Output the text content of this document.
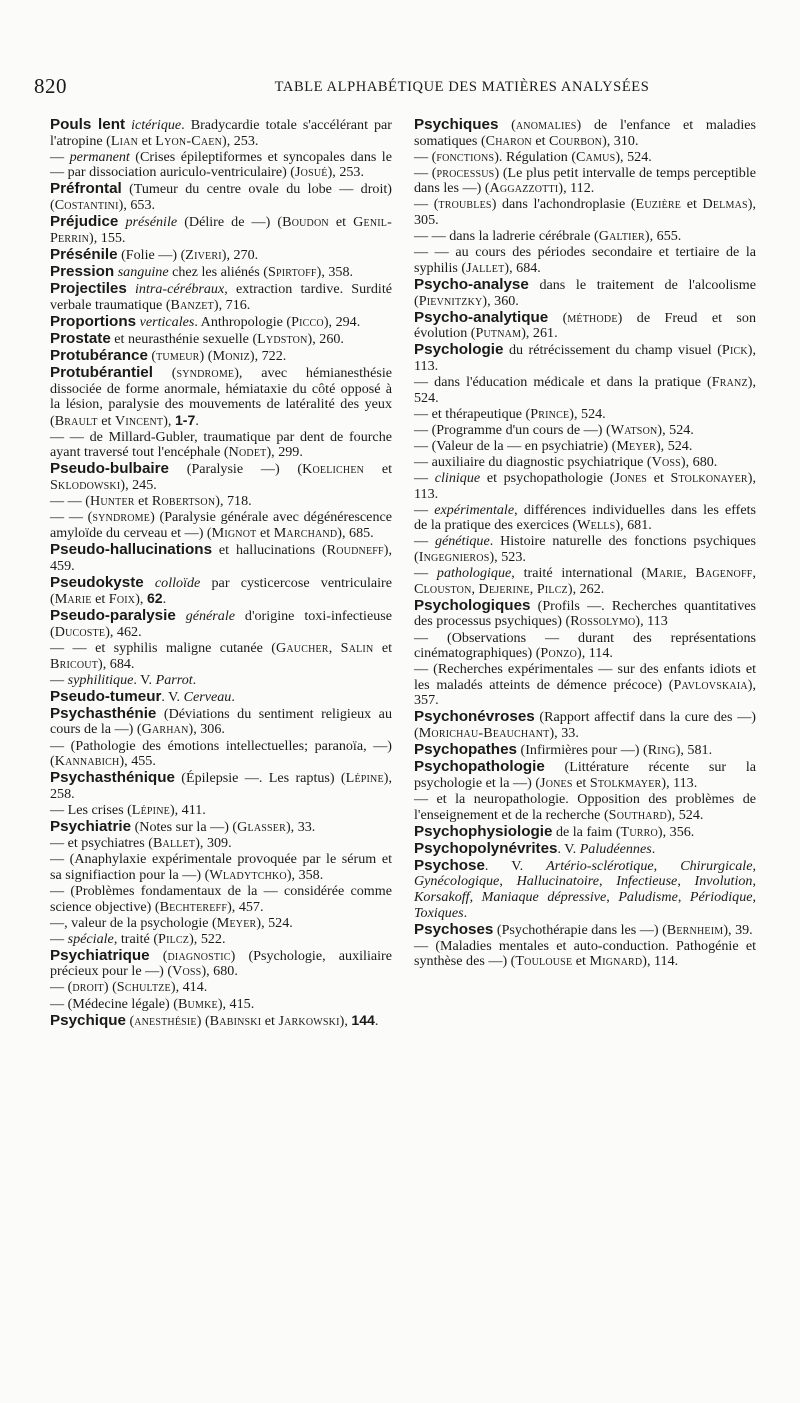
820	TABLE ALPHABÉTIQUE DES MATIÈRES ANALYSÉES

Pouls lent ictérique. Bradycardie totale s'accélérant par l'atropine (Lian et Lyon-Caen), 253.

— permanent (Crises épileptiformes et syncopales dans le — par dissociation auriculo-ventriculaire) (Josué), 253.

Préfrontal (Tumeur du centre ovale du lobe — droit) (Costantini), 653.

Préjudice présénile (Délire de —) (Boudon et Genil-Perrin), 155.

Présénile (Folie —) (Ziveri), 270.

Pression sanguine chez les aliénés (Spirtoff), 358.

Projectiles intra-cérébraux, extraction tardive. Surdité verbale traumatique (Banzet), 716.

Proportions verticales. Anthropologie (Picco), 294.

Prostate et neurasthénie sexuelle (Lydston), 260.

Protubérance (tumeur) (Moniz), 722.

Protubérantiel (syndrome), avec hémianesthésie dissociée de forme anormale, hémiataxie du côté opposé à la lésion, paralysie des mouvements de latéralité des yeux (Brault et Vincent), 1-7.

— — de Millard-Gubler, traumatique par dent de fourche ayant traversé tout l'encéphale (Nodet), 299.

Pseudo-bulbaire (Paralysie —) (Koelichen et Sklodowski), 245.

— — (Hunter et Robertson), 718.

— — (syndrome) (Paralysie générale avec dégénérescence amyloïde du cerveau et —) (Mignot et Marchand), 685.

Pseudo-hallucinations et hallucinations (Roudneff), 459.

Pseudokyste colloïde par cysticercose ventriculaire (Marie et Foix), 62.

Pseudo-paralysie générale d'origine toxi-infectieuse (Ducoste), 462.

— — et syphilis maligne cutanée (Gaucher, Salin et Bricout), 684.

— syphilitique. V. Parrot.

Pseudo-tumeur. V. Cerveau.

Psychasthénie (Déviations du sentiment religieux au cours de la —) (Garhan), 306.

— (Pathologie des émotions intellectuelles; paranoïa, —) (Kannabich), 455.

Psychasthénique (Épilepsie —. Les raptus) (Lépine), 258.

— Les crises (Lépine), 411.

Psychiatrie (Notes sur la —) (Glasser), 33.

— et psychiatres (Ballet), 309.

— (Anaphylaxie expérimentale provoquée par le sérum et sa signifiaction pour la —) (Wladytchko), 358.

— (Problèmes fondamentaux de la — considérée comme science objective) (Bechtereff), 457.

—, valeur de la psychologie (Meyer), 524.

— spéciale, traité (Pilcz), 522.

Psychiatrique (diagnostic) (Psychologie, auxiliaire précieux pour le —) (Voss), 680.

— (droit) (Schultze), 414.

— (Médecine légale) (Bumke), 415.

Psychique (anesthésie) (Babinski et Jarkowski), 144.

Psychiques (anomalies) de l'enfance et maladies somatiques (Charon et Courbon), 310.

— (fonctions). Régulation (Camus), 524.

— (processus) (Le plus petit intervalle de temps perceptible dans les —) (Aggazzotti), 112.

— (troubles) dans l'achondroplasie (Euzière et Delmas), 305.

— — dans la ladrerie cérébrale (Galtier), 655.

— — au cours des périodes secondaire et tertiaire de la syphilis (Jallet), 684.

Psycho-analyse dans le traitement de l'alcoolisme (Pievnitzky), 360.

Psycho-analytique (méthode) de Freud et son évolution (Putnam), 261.

Psychologie du rétrécissement du champ visuel (Pick), 113.

— dans l'éducation médicale et dans la pratique (Franz), 524.

— et thérapeutique (Prince), 524.

— (Programme d'un cours de —) (Watson), 524.

— (Valeur de la — en psychiatrie) (Meyer), 524.

— auxiliaire du diagnostic psychiatrique (Voss), 680.

— clinique et psychopathologie (Jones et Stolkonayer), 113.

— expérimentale, différences individuelles dans les effets de la pratique des exercices (Wells), 681.

— génétique. Histoire naturelle des fonctions psychiques (Ingegnieros), 523.

— pathologique, traité international (Marie, Bagenoff, Clouston, Dejerine, Pilcz), 262.

Psychologiques (Profils —. Recherches quantitatives des processus psychiques) (Rossolymo), 113

— (Observations — durant des représentations cinématographiques) (Ponzo), 114.

— (Recherches expérimentales — sur des enfants idiots et les maladés atteints de démence précoce) (Pavlovskaia), 357.

Psychonévroses (Rapport affectif dans la cure des —) (Morichau-Beauchant), 33.

Psychopathes (Infirmières pour —) (Ring), 581.

Psychopathologie (Littérature récente sur la psychologie et la —) (Jones et Stolkmayer), 113.

— et la neuropathologie. Opposition des problèmes de l'enseignement et de la recherche (Southard), 524.

Psychophysiologie de la faim (Turro), 356.

Psychopolynévrites. V. Paludéennes.

Psychose. V. Artério-sclérotique, Chirurgicale, Gynécologique, Hallucinatoire, Infectieuse, Involution, Korsakoff, Maniaque dépressive, Paludisme, Périodique, Toxiques.

Psychoses (Psychothérapie dans les —) (Bernheim), 39.

— (Maladies mentales et auto-conduction. Pathogénie et synthèse des —) (Toulouse et Mignard), 114.
